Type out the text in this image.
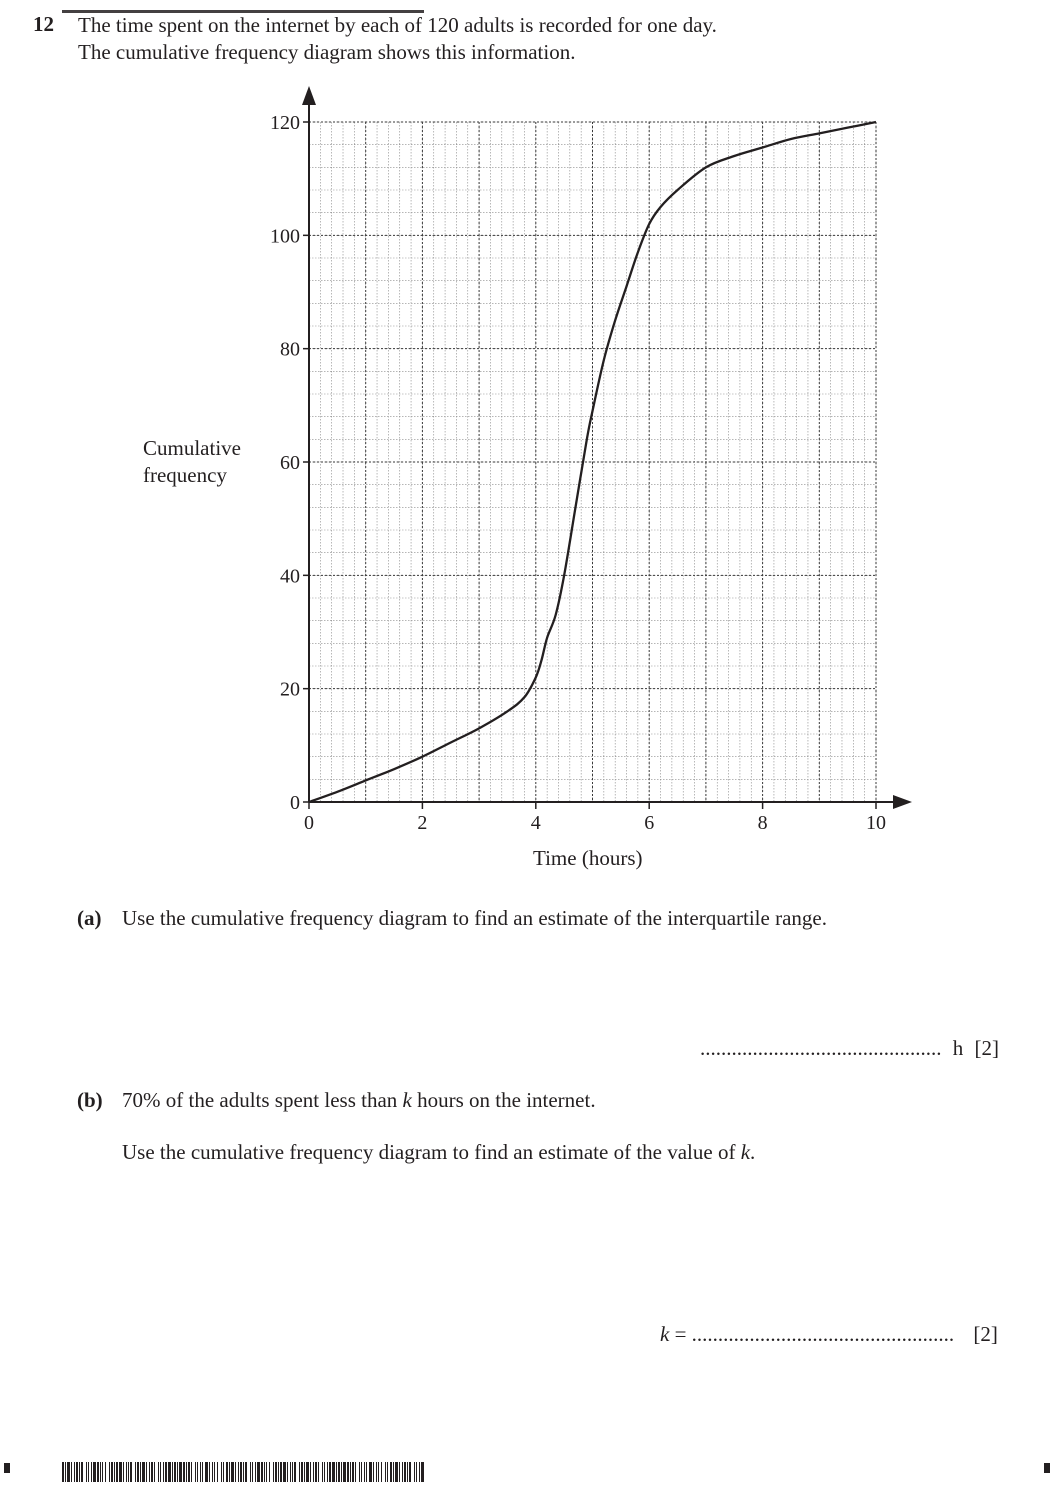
12 The time spent on the internet by each of 120 adults is recorded for one day.
The cumulative frequency diagram shows this information.
0	2	4	6	8	10
0
20
40
60
80
100
120
Cumulative
frequency
Time (hours)
(a) Use the cumulative frequency diagram to find an estimate of the interquartile range.
.............................................. h [2]
(b) 70% of the adults spent less than k hours on the internet.
Use the cumulative frequency diagram to find an estimate of the value of k.
k = .................................................. [2]
